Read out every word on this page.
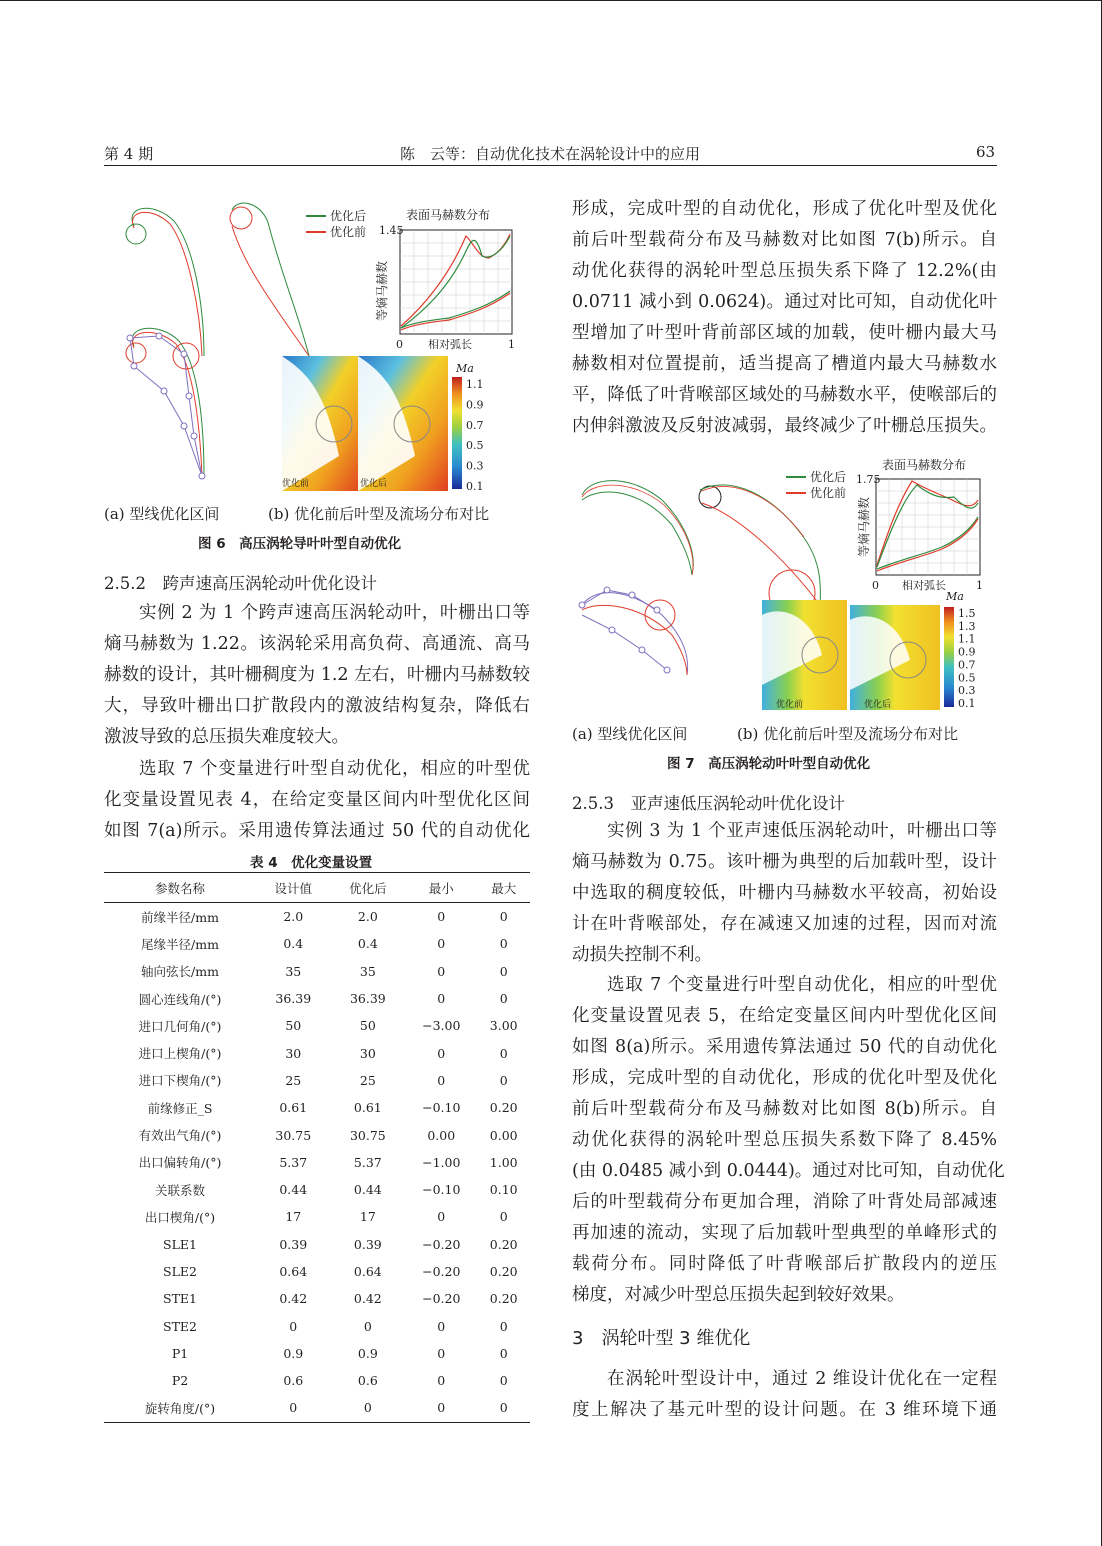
第 4 期	陈　云等：自动优化技术在涡轮设计中的应用	63
优化后
优化前
表面马赫数分布
1.45
等熵马赫数
0 相对弧长	1
优化前	优化后
Ma
1.1
0.9
0.7
0.5
0.3
0.1
(a) 型线优化区间	(b) 优化前后叶型及流场分布对比
图 6　高压涡轮导叶叶型自动优化
2.5.2　跨声速高压涡轮动叶优化设计
实例 2 为 1 个跨声速高压涡轮动叶，叶栅出口等
熵马赫数为 1.22。该涡轮采用高负荷、高通流、高马
赫数的设计，其叶栅稠度为 1.2 左右，叶栅内马赫数较
大，导致叶栅出口扩散段内的激波结构复杂，降低右
激波导致的总压损失难度较大。
选取 7 个变量进行叶型自动优化，相应的叶型优
化变量设置见表 4，在给定变量区间内叶型优化区间
如图 7(a)所示。采用遗传算法通过 50 代的自动优化
表 4　优化变量设置
参数名称	设计值	优化后	最小	最大
前缘半径/mm	2.0	2.0	0	0
尾缘半径/mm	0.4	0.4	0	0
轴向弦长/mm	35	35	0	0
圆心连线角/(°)	36.39	36.39	0	0
进口几何角/(°)	50	50	−3.00	3.00
进口上楔角/(°)	30	30	0	0
进口下楔角/(°)	25	25	0	0
前缘修正_S	0.61	0.61	−0.10	0.20
有效出气角/(°)	30.75	30.75	0.00	0.00
出口偏转角/(°)	5.37	5.37	−1.00	1.00
关联系数	0.44	0.44	−0.10	0.10
出口楔角/(°)	17	17	0	0
SLE1	0.39	0.39	−0.20	0.20
SLE2	0.64	0.64	−0.20	0.20
STE1	0.42	0.42	−0.20	0.20
STE2	0	0	0	0
P1	0.9	0.9	0	0
P2	0.6	0.6	0	0
旋转角度/(°)	0	0	0	0
形成，完成叶型的自动优化，形成了优化叶型及优化
前后叶型载荷分布及马赫数对比如图 7(b)所示。自
动优化获得的涡轮叶型总压损失系下降了 12.2%(由
0.0711 减小到 0.0624)。通过对比可知，自动优化叶
型增加了叶型叶背前部区域的加载，使叶栅内最大马
赫数相对位置提前，适当提高了槽道内最大马赫数水
平，降低了叶背喉部区域处的马赫数水平，使喉部后的
内伸斜激波及反射波减弱，最终减少了叶栅总压损失。
优化后
优化前
表面马赫数分布
1.75
等熵马赫数
0 相对弧长	1
优化前	优化后
Ma
1.5
1.3
1.1
0.9
0.7
0.5
0.3
0.1
(a) 型线优化区间	(b) 优化前后叶型及流场分布对比
图 7　高压涡轮动叶叶型自动优化
2.5.3　亚声速低压涡轮动叶优化设计
实例 3 为 1 个亚声速低压涡轮动叶，叶栅出口等
熵马赫数为 0.75。该叶栅为典型的后加载叶型，设计
中选取的稠度较低，叶栅内马赫数水平较高，初始设
计在叶背喉部处，存在减速又加速的过程，因而对流
动损失控制不利。
选取 7 个变量进行叶型自动优化，相应的叶型优
化变量设置见表 5，在给定变量区间内叶型优化区间
如图 8(a)所示。采用遗传算法通过 50 代的自动优化
形成，完成叶型的自动优化，形成的优化叶型及优化
前后叶型载荷分布及马赫数对比如图 8(b)所示。自
动优化获得的涡轮叶型总压损失系数下降了 8.45%
(由 0.0485 减小到 0.0444)。通过对比可知，自动优化
后的叶型载荷分布更加合理，消除了叶背处局部减速
再加速的流动，实现了后加载叶型典型的单峰形式的
载荷分布。同时降低了叶背喉部后扩散段内的逆压
梯度，对减少叶型总压损失起到较好效果。
3　涡轮叶型 3 维优化
在涡轮叶型设计中，通过 2 维设计优化在一定程
度上解决了基元叶型的设计问题。在 3 维环境下通
